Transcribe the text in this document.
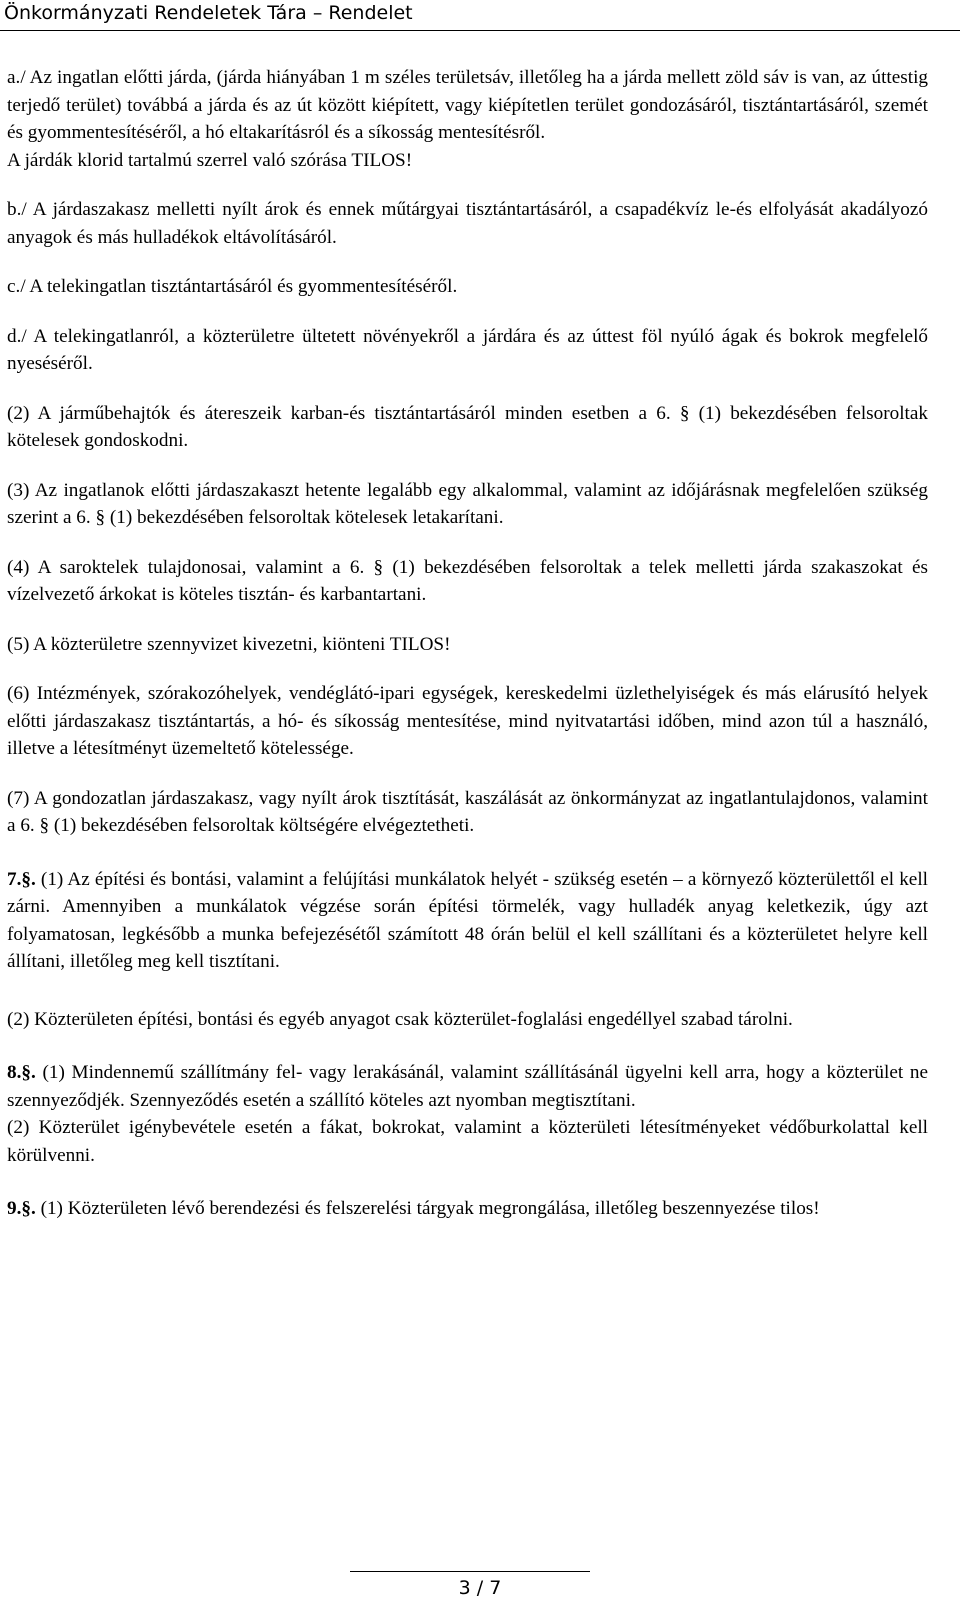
Önkormányzati Rendeletek Tára – Rendelet

a./ Az ingatlan előtti járda, (járda hiányában 1 m széles területsáv, illetőleg ha a járda mellett zöld sáv is van, az úttestig terjedő terület) továbbá a járda és az út között kiépített, vagy kiépítetlen terület gondozásáról, tisztántartásáról, szemét és gyommentesítéséről, a hó eltakarításról és a síkosság mentesítésről.

A járdák klorid tartalmú szerrel való szórása TILOS!

b./ A járdaszakasz melletti nyílt árok és ennek műtárgyai tisztántartásáról, a csapadékvíz le-és elfolyását akadályozó anyagok és más hulladékok eltávolításáról.

c./ A telekingatlan tisztántartásáról és gyommentesítéséről.

d./ A telekingatlanról, a közterületre ültetett növényekről a járdára és az úttest föl nyúló ágak és bokrok megfelelő nyeséséről.

(2) A járműbehajtók és átereszeik karban-és tisztántartásáról minden esetben a 6. § (1) bekezdésében felsoroltak kötelesek gondoskodni.

(3) Az ingatlanok előtti járdaszakaszt hetente legalább egy alkalommal, valamint az időjárásnak megfelelően szükség szerint a 6. § (1) bekezdésében felsoroltak kötelesek letakarítani.

(4) A saroktelek tulajdonosai, valamint a 6. § (1) bekezdésében felsoroltak a telek melletti járda szakaszokat és vízelvezető árkokat is köteles tisztán- és karbantartani.

(5) A közterületre szennyvizet kivezetni, kiönteni TILOS!

(6) Intézmények, szórakozóhelyek, vendéglátó-ipari egységek, kereskedelmi üzlethelyiségek és más elárusító helyek előtti járdaszakasz tisztántartás, a hó- és síkosság mentesítése, mind nyitvatartási időben, mind azon túl a használó, illetve a létesítményt üzemeltető kötelessége.

(7) A gondozatlan járdaszakasz, vagy nyílt árok tisztítását, kaszálását az önkormányzat az ingatlantulajdonos, valamint a 6. § (1) bekezdésében felsoroltak költségére elvégeztetheti.

7.§. (1) Az építési és bontási, valamint a felújítási munkálatok helyét - szükség esetén – a környező közterülettől el kell zárni. Amennyiben a munkálatok végzése során építési törmelék, vagy hulladék anyag keletkezik, úgy azt folyamatosan, legkésőbb a munka befejezésétől számított 48 órán belül el kell szállítani és a közterületet helyre kell állítani, illetőleg meg kell tisztítani.

(2) Közterületen építési, bontási és egyéb anyagot csak közterület-foglalási engedéllyel szabad tárolni.

8.§. (1) Mindennemű szállítmány fel- vagy lerakásánál, valamint szállításánál ügyelni kell arra, hogy a közterület ne szennyeződjék. Szennyeződés esetén a szállító köteles azt nyomban megtisztítani.

(2) Közterület igénybevétele esetén a fákat, bokrokat, valamint a közterületi létesítményeket védőburkolattal kell körülvenni.

9.§. (1) Közterületen lévő berendezési és felszerelési tárgyak megrongálása, illetőleg beszennyezése tilos!

3 / 7
